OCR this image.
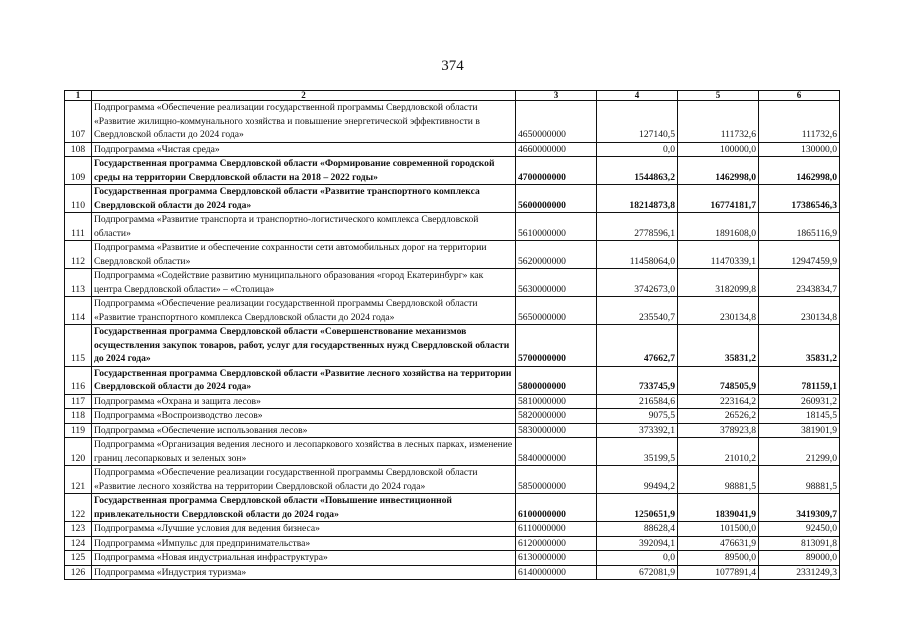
374
1	2	3	4	5	6
107	Подпрограмма «Обеспечение реализации государственной программы Свердловской области «Развитие жилищно-коммунального хозяйства и повышение энергетической эффективности в Свердловской области до 2024 года»	4650000000	127140,5	111732,6	111732,6
108	Подпрограмма «Чистая среда»	4660000000	0,0	100000,0	130000,0
109	Государственная программа Свердловской области «Формирование современной городской среды на территории Свердловской области на 2018 – 2022 годы»	4700000000	1544863,2	1462998,0	1462998,0
110	Государственная программа Свердловской области «Развитие транспортного комплекса Свердловской области до 2024 года»	5600000000	18214873,8	16774181,7	17386546,3
111	Подпрограмма «Развитие транспорта и транспортно-логистического комплекса Свердловской области»	5610000000	2778596,1	1891608,0	1865116,9
112	Подпрограмма «Развитие и обеспечение сохранности сети автомобильных дорог на территории Свердловской области»	5620000000	11458064,0	11470339,1	12947459,9
113	Подпрограмма «Содействие развитию муниципального образования «город Екатеринбург» как центра Свердловской области» – «Столица»	5630000000	3742673,0	3182099,8	2343834,7
114	Подпрограмма «Обеспечение реализации государственной программы Свердловской области «Развитие транспортного комплекса Свердловской области до 2024 года»	5650000000	235540,7	230134,8	230134,8
115	Государственная программа Свердловской области «Совершенствование механизмов осуществления закупок товаров, работ, услуг для государственных нужд Свердловской области до 2024 года»	5700000000	47662,7	35831,2	35831,2
116	Государственная программа Свердловской области «Развитие лесного хозяйства на территории Свердловской области до 2024 года»	5800000000	733745,9	748505,9	781159,1
117	Подпрограмма «Охрана и защита лесов»	5810000000	216584,6	223164,2	260931,2
118	Подпрограмма «Воспроизводство лесов»	5820000000	9075,5	26526,2	18145,5
119	Подпрограмма «Обеспечение использования лесов»	5830000000	373392,1	378923,8	381901,9
120	Подпрограмма «Организация ведения лесного и лесопаркового хозяйства в лесных парках, изменение границ лесопарковых и зеленых зон»	5840000000	35199,5	21010,2	21299,0
121	Подпрограмма «Обеспечение реализации государственной программы Свердловской области «Развитие лесного хозяйства на территории Свердловской области до 2024 года»	5850000000	99494,2	98881,5	98881,5
122	Государственная программа Свердловской области «Повышение инвестиционной привлекательности Свердловской области до 2024 года»	6100000000	1250651,9	1839041,9	3419309,7
123	Подпрограмма «Лучшие условия для ведения бизнеса»	6110000000	88628,4	101500,0	92450,0
124	Подпрограмма «Импульс для предпринимательства»	6120000000	392094,1	476631,9	813091,8
125	Подпрограмма «Новая индустриальная инфраструктура»	6130000000	0,0	89500,0	89000,0
126	Подпрограмма «Индустрия туризма»	6140000000	672081,9	1077891,4	2331249,3
